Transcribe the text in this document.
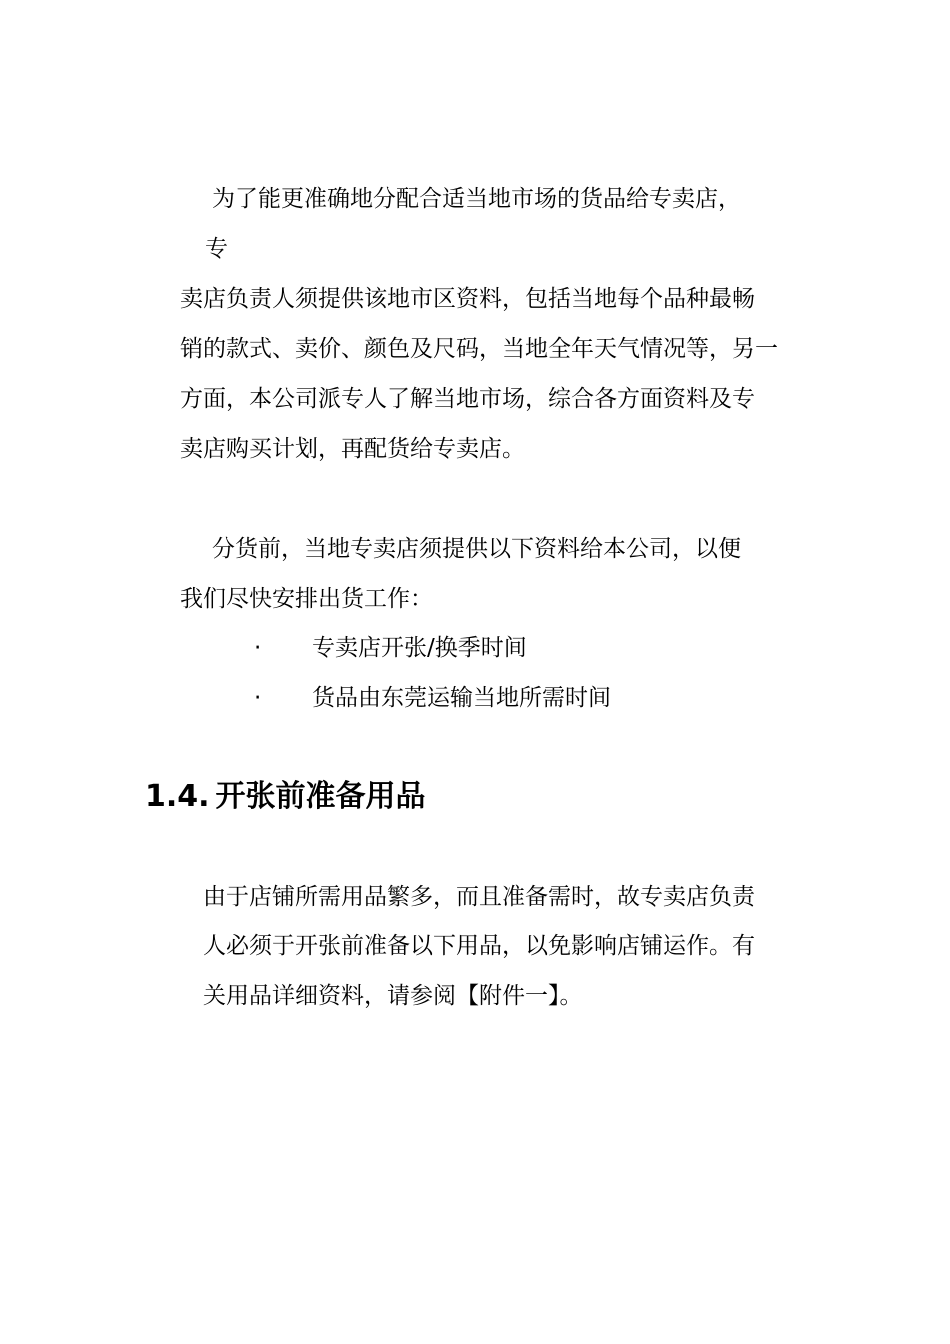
为了能更准确地分配合适当地市场的货品给专卖店，
专
卖店负责人须提供该地市区资料，包括当地每个品种最畅
销的款式、卖价、颜色及尺码，当地全年天气情况等，另一
方面，本公司派专人了解当地市场，综合各方面资料及专
卖店购买计划，再配货给专卖店。
分货前，当地专卖店须提供以下资料给本公司，以便
我们尽快安排出货工作：
· 专卖店开张/换季时间
· 货品由东莞运输当地所需时间
1.4. 开张前准备用品
由于店铺所需用品繁多，而且准备需时，故专卖店负责
人必须于开张前准备以下用品，以免影响店铺运作。有
关用品详细资料，请参阅【附件一】。
